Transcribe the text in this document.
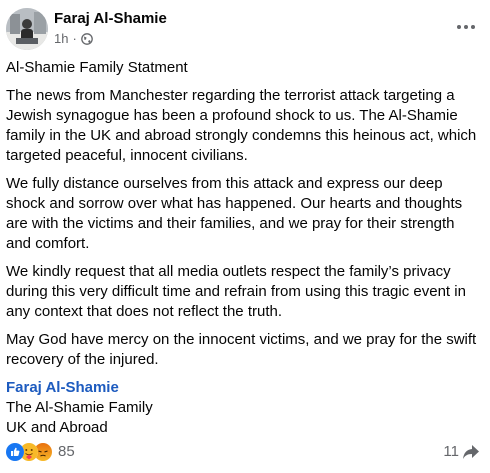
Faraj Al-Shamie
1h ·

Al-Shamie Family Statment

The news from Manchester regarding the terrorist attack targeting a Jewish synagogue has been a profound shock to us. The Al-Shamie family in the UK and abroad strongly condemns this heinous act, which targeted peaceful, innocent civilians.

We fully distance ourselves from this attack and express our deep shock and sorrow over what has happened. Our hearts and thoughts are with the victims and their families, and we pray for their strength and comfort.

We kindly request that all media outlets respect the family’s privacy during this very difficult time and refrain from using this tragic event in any context that does not reflect the truth.

May God have mercy on the innocent victims, and we pray for the swift recovery of the injured.

Faraj Al-Shamie
The Al-Shamie Family
UK and Abroad
85	11
